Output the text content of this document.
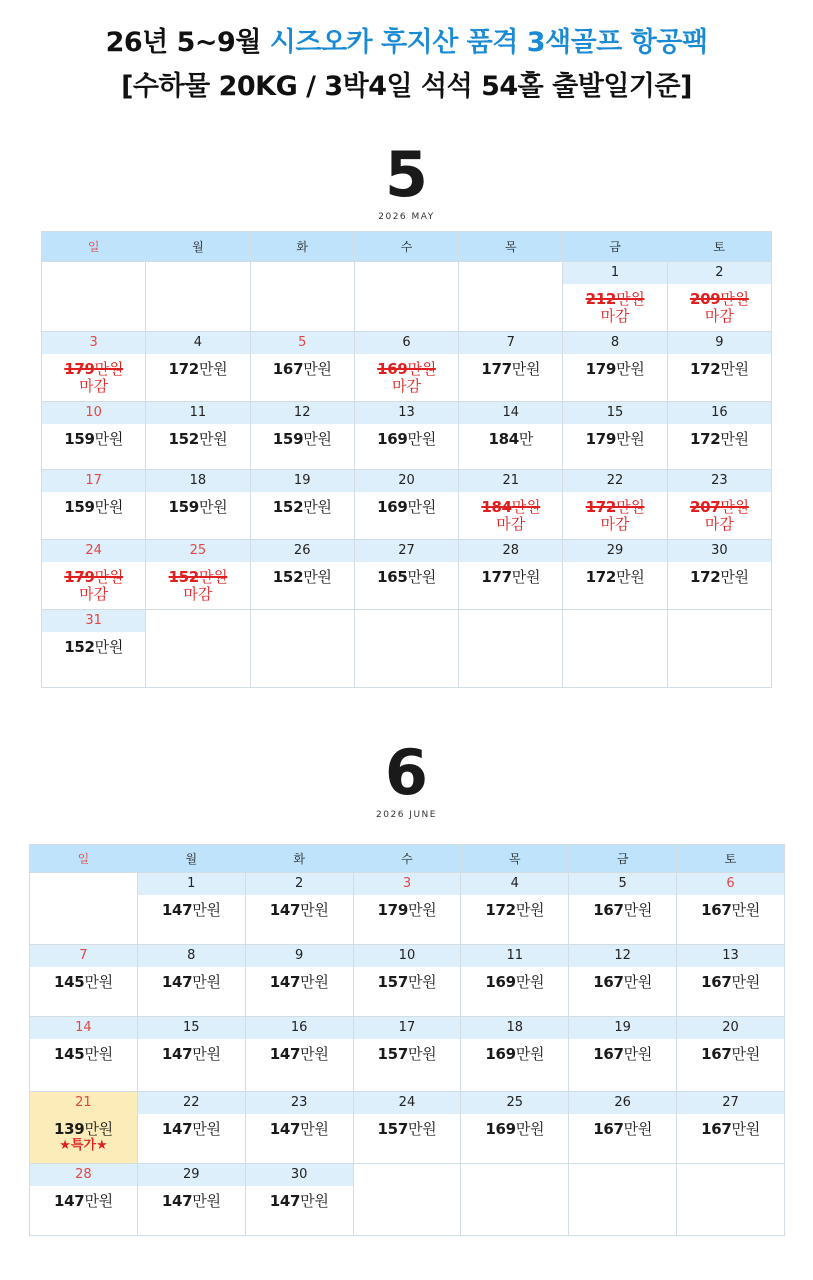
26년 5~9월 시즈오카 후지산 품격 3색골프 항공팩
[수하물 20KG / 3박4일 석석 54홀 출발일기준]
5
2026 MAY
일	월	화	수	목	금	토

					1
212만원
마감	2
209만원
마감

3
179만원
마감	4
172만원	5
167만원	6
169만원
마감	7
177만원	8
179만원	9
172만원

10
159만원	11
152만원	12
159만원	13
169만원	14
184만	15
179만원	16
172만원

17
159만원	18
159만원	19
152만원	20
169만원	21
184만원
마감	22
172만원
마감	23
207만원
마감

24
179만원
마감	25
152만원
마감	26
152만원	27
165만원	28
177만원	29
172만원	30
172만원

31
152만원						

6
2026 JUNE
일	월	화	수	목	금	토

	1
147만원	2
147만원	3
179만원	4
172만원	5
167만원	6
167만원

7
145만원	8
147만원	9
147만원	10
157만원	11
169만원	12
167만원	13
167만원

14
145만원	15
147만원	16
147만원	17
157만원	18
169만원	19
167만원	20
167만원

21
139만원
★특가★	22
147만원	23
147만원	24
157만원	25
169만원	26
167만원	27
167만원

28
147만원	29
147만원	30
147만원				
